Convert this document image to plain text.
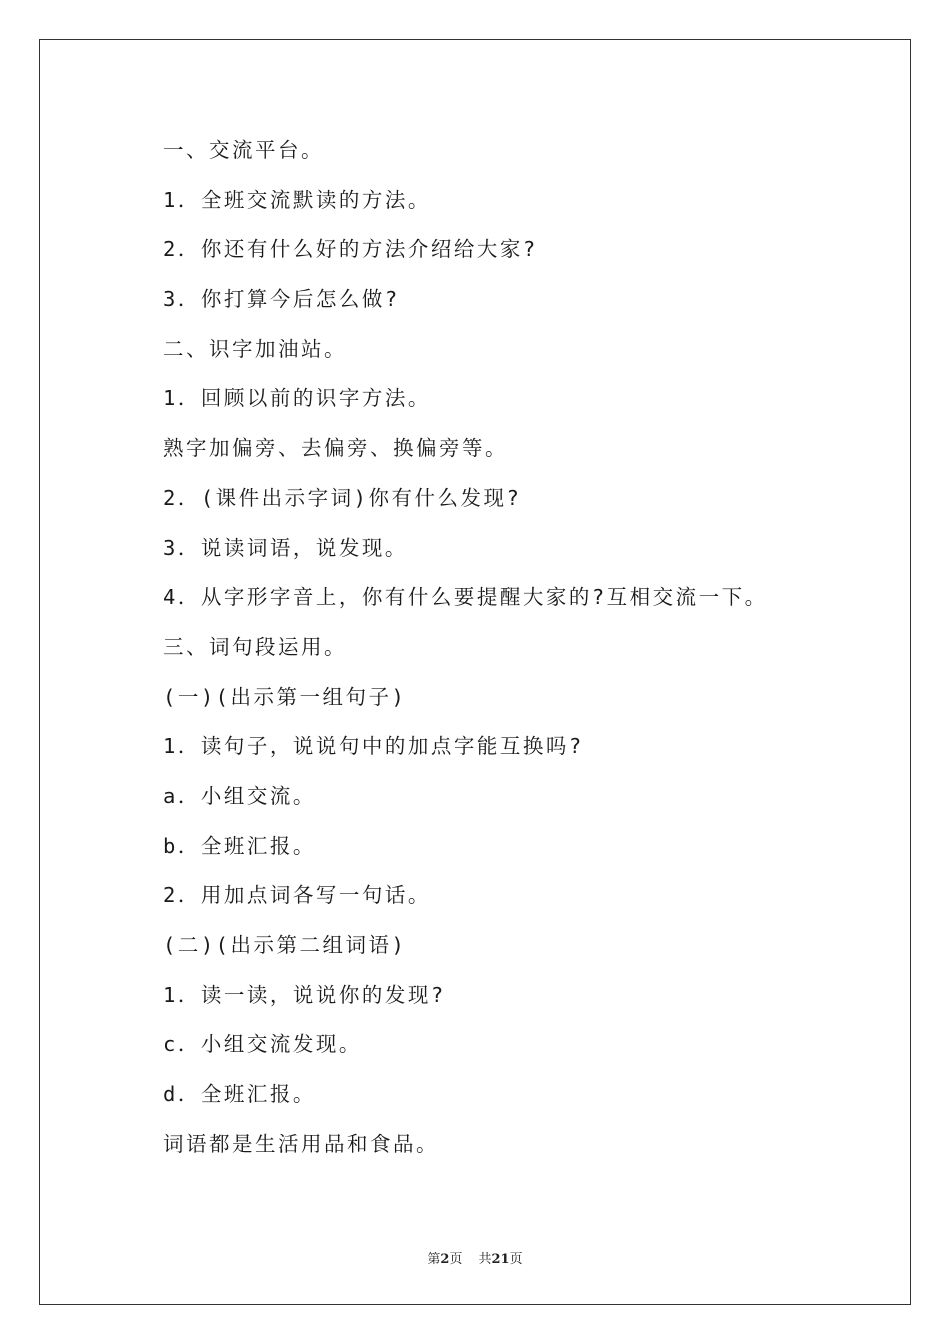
一、交流平台。
1．全班交流默读的方法。
2．你还有什么好的方法介绍给大家?
3．你打算今后怎么做?
二、识字加油站。
1．回顾以前的识字方法。
熟字加偏旁、去偏旁、换偏旁等。
2．(课件出示字词)你有什么发现?
3．说读词语，说发现。
4．从字形字音上，你有什么要提醒大家的?互相交流一下。
三、词句段运用。
(一)(出示第一组句子)
1．读句子，说说句中的加点字能互换吗?
a．小组交流。
b．全班汇报。
2．用加点词各写一句话。
(二)(出示第二组词语)
1．读一读，说说你的发现?
c．小组交流发现。
d．全班汇报。
词语都是生活用品和食品。
第2页 共21页
